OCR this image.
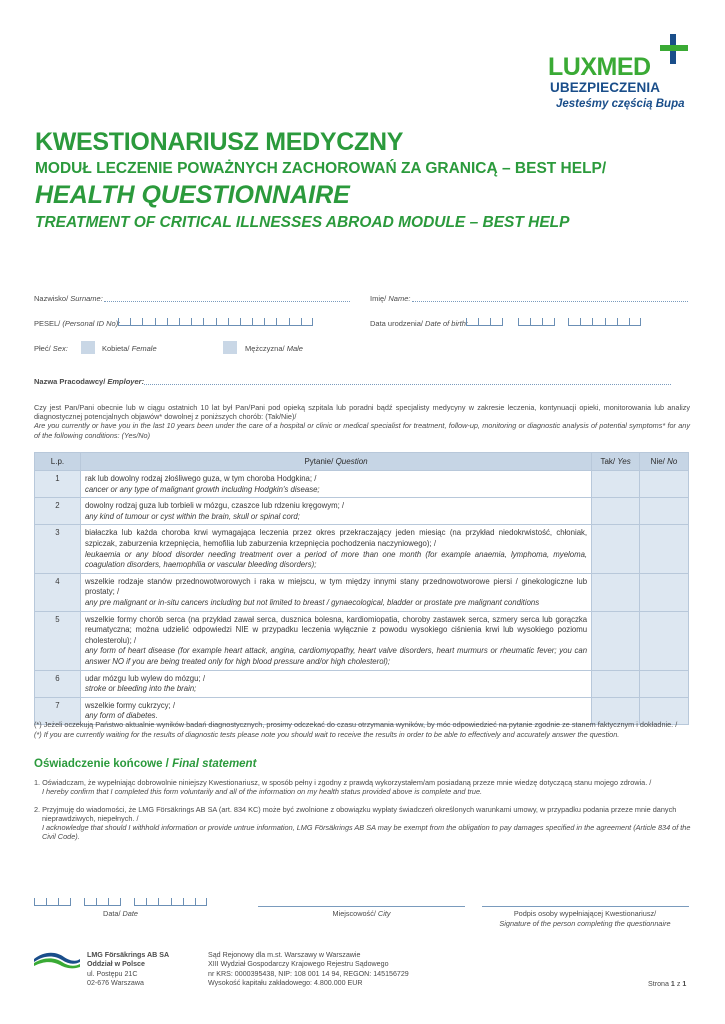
LUXMED
UBEZPIECZENIA
Jesteśmy częścią Bupa
KWESTIONARIUSZ MEDYCZNY
MODUŁ LECZENIE POWAŻNYCH ZACHOROWAŃ ZA GRANICĄ – BEST HELP/
HEALTH QUESTIONNAIRE
TREATMENT OF CRITICAL ILLNESSES ABROAD MODULE – BEST HELP
Nazwisko/ Surname:	Imię/ Name:
PESEL/ (Personal ID No):	Data urodzenia/ Date of birth:
Płeć/ Sex:	Kobieta/ Female	Mężczyzna/ Male
Nazwa Pracodawcy/ Employer:
Czy jest Pan/Pani obecnie lub w ciągu ostatnich 10 lat był Pan/Pani pod opieką szpitala lub poradni bądź specjalisty medycyny w zakresie leczenia, kontynuacji opieki, monitorowania lub analizy diagnostycznej potencjalnych objawów* dowolnej z poniższych chorób: (Tak/Nie)/
Are you currently or have you in the last 10 years been under the care of a hospital or clinic or medical specialist for treatment, follow-up, monitoring or diagnostic analysis of potential symptoms* for any of the following conditions: (Yes/No)
L.p.	Pytanie/ Question	Tak/ Yes	Nie/ No
1	rak lub dowolny rodzaj złośliwego guza, w tym choroba Hodgkina; /
cancer or any type of malignant growth including Hodgkin's disease;		

2	dowolny rodzaj guza lub torbieli w mózgu, czaszce lub rdzeniu kręgowym; /
any kind of tumour or cyst within the brain, skull or spinal cord;		

3	białaczka lub każda choroba krwi wymagająca leczenia przez okres przekraczający jeden miesiąc (na przykład niedokrwistość, chłoniak, szpiczak, zaburzenia krzepnięcia, hemofilia lub zaburzenia krzepnięcia pochodzenia naczyniowego); /
leukaemia or any blood disorder needing treatment over a period of more than one month (for example anaemia, lymphoma, myeloma, coagulation disorders, haemophilia or vascular bleeding disorders);		

4	wszelkie rodzaje stanów przednowotworowych i raka w miejscu, w tym między innymi stany przednowotworowe piersi / ginekologiczne lub prostaty; /
any pre malignant or in-situ cancers including but not limited to breast / gynaecological, bladder or prostate pre malignant conditions		

5	wszelkie formy chorób serca (na przykład zawał serca, dusznica bolesna, kardiomiopatia, choroby zastawek serca, szmery serca lub gorączka reumatyczna; można udzielić odpowiedzi NIE w przypadku leczenia wyłącznie z powodu wysokiego ciśnienia krwi lub wysokiego poziomu cholesterolu); /
any form of heart disease (for example heart attack, angina, cardiomyopathy, heart valve disorders, heart murmurs or rheumatic fever; you can answer NO if you are being treated only for high blood pressure and/or high cholesterol);		

6	udar mózgu lub wylew do mózgu; /
stroke or bleeding into the brain;		

7	wszelkie formy cukrzycy; /
any form of diabetes.		

(*) Jeżeli oczekują Państwo aktualnie wyników badań diagnostycznych, prosimy odczekać do czasu otrzymania wyników, by móc odpowiedzieć na pytanie zgodnie ze stanem faktycznym i dokładnie. /
(*) If you are currently waiting for the results of diagnostic tests please note you should wait to receive the results in order to be able to effectively and accurately answer the question.
Oświadczenie końcowe / Final statement
1. Oświadczam, że wypełniając dobrowolnie niniejszy Kwestionariusz, w sposób pełny i zgodny z prawdą wykorzystałem/am posiadaną przeze mnie wiedzę dotyczącą stanu mojego zdrowia. /
I hereby confirm that I completed this form voluntarily and all of the information on my health status provided above is complete and true.
2. Przyjmuję do wiadomości, że LMG Försäkrings AB SA (art. 834 KC) może być zwolnione z obowiązku wypłaty świadczeń określonych warunkami umowy, w przypadku podania przeze mnie danych
nieprawdziwych, niepełnych. /
I acknowledge that should I withhold information or provide untrue information, LMG Försäkrings AB SA may be exempt from the obligation to pay damages specified in the agreement (Article 834 of the Civil Code).
Data/ Date	Miejscowość/ City	Podpis osoby wypełniającej Kwestionariusz/
Signature of the person completing the questionnaire
LMG Försäkrings AB SA
Oddział w Polsce
ul. Postępu 21C
02-676 Warszawa
Sąd Rejonowy dla m.st. Warszawy w Warszawie
XIII Wydział Gospodarczy Krajowego Rejestru Sądowego
nr KRS: 0000395438, NIP: 108 001 14 94, REGON: 145156729
Wysokość kapitału zakładowego: 4.800.000 EUR	Strona 1 z 1
